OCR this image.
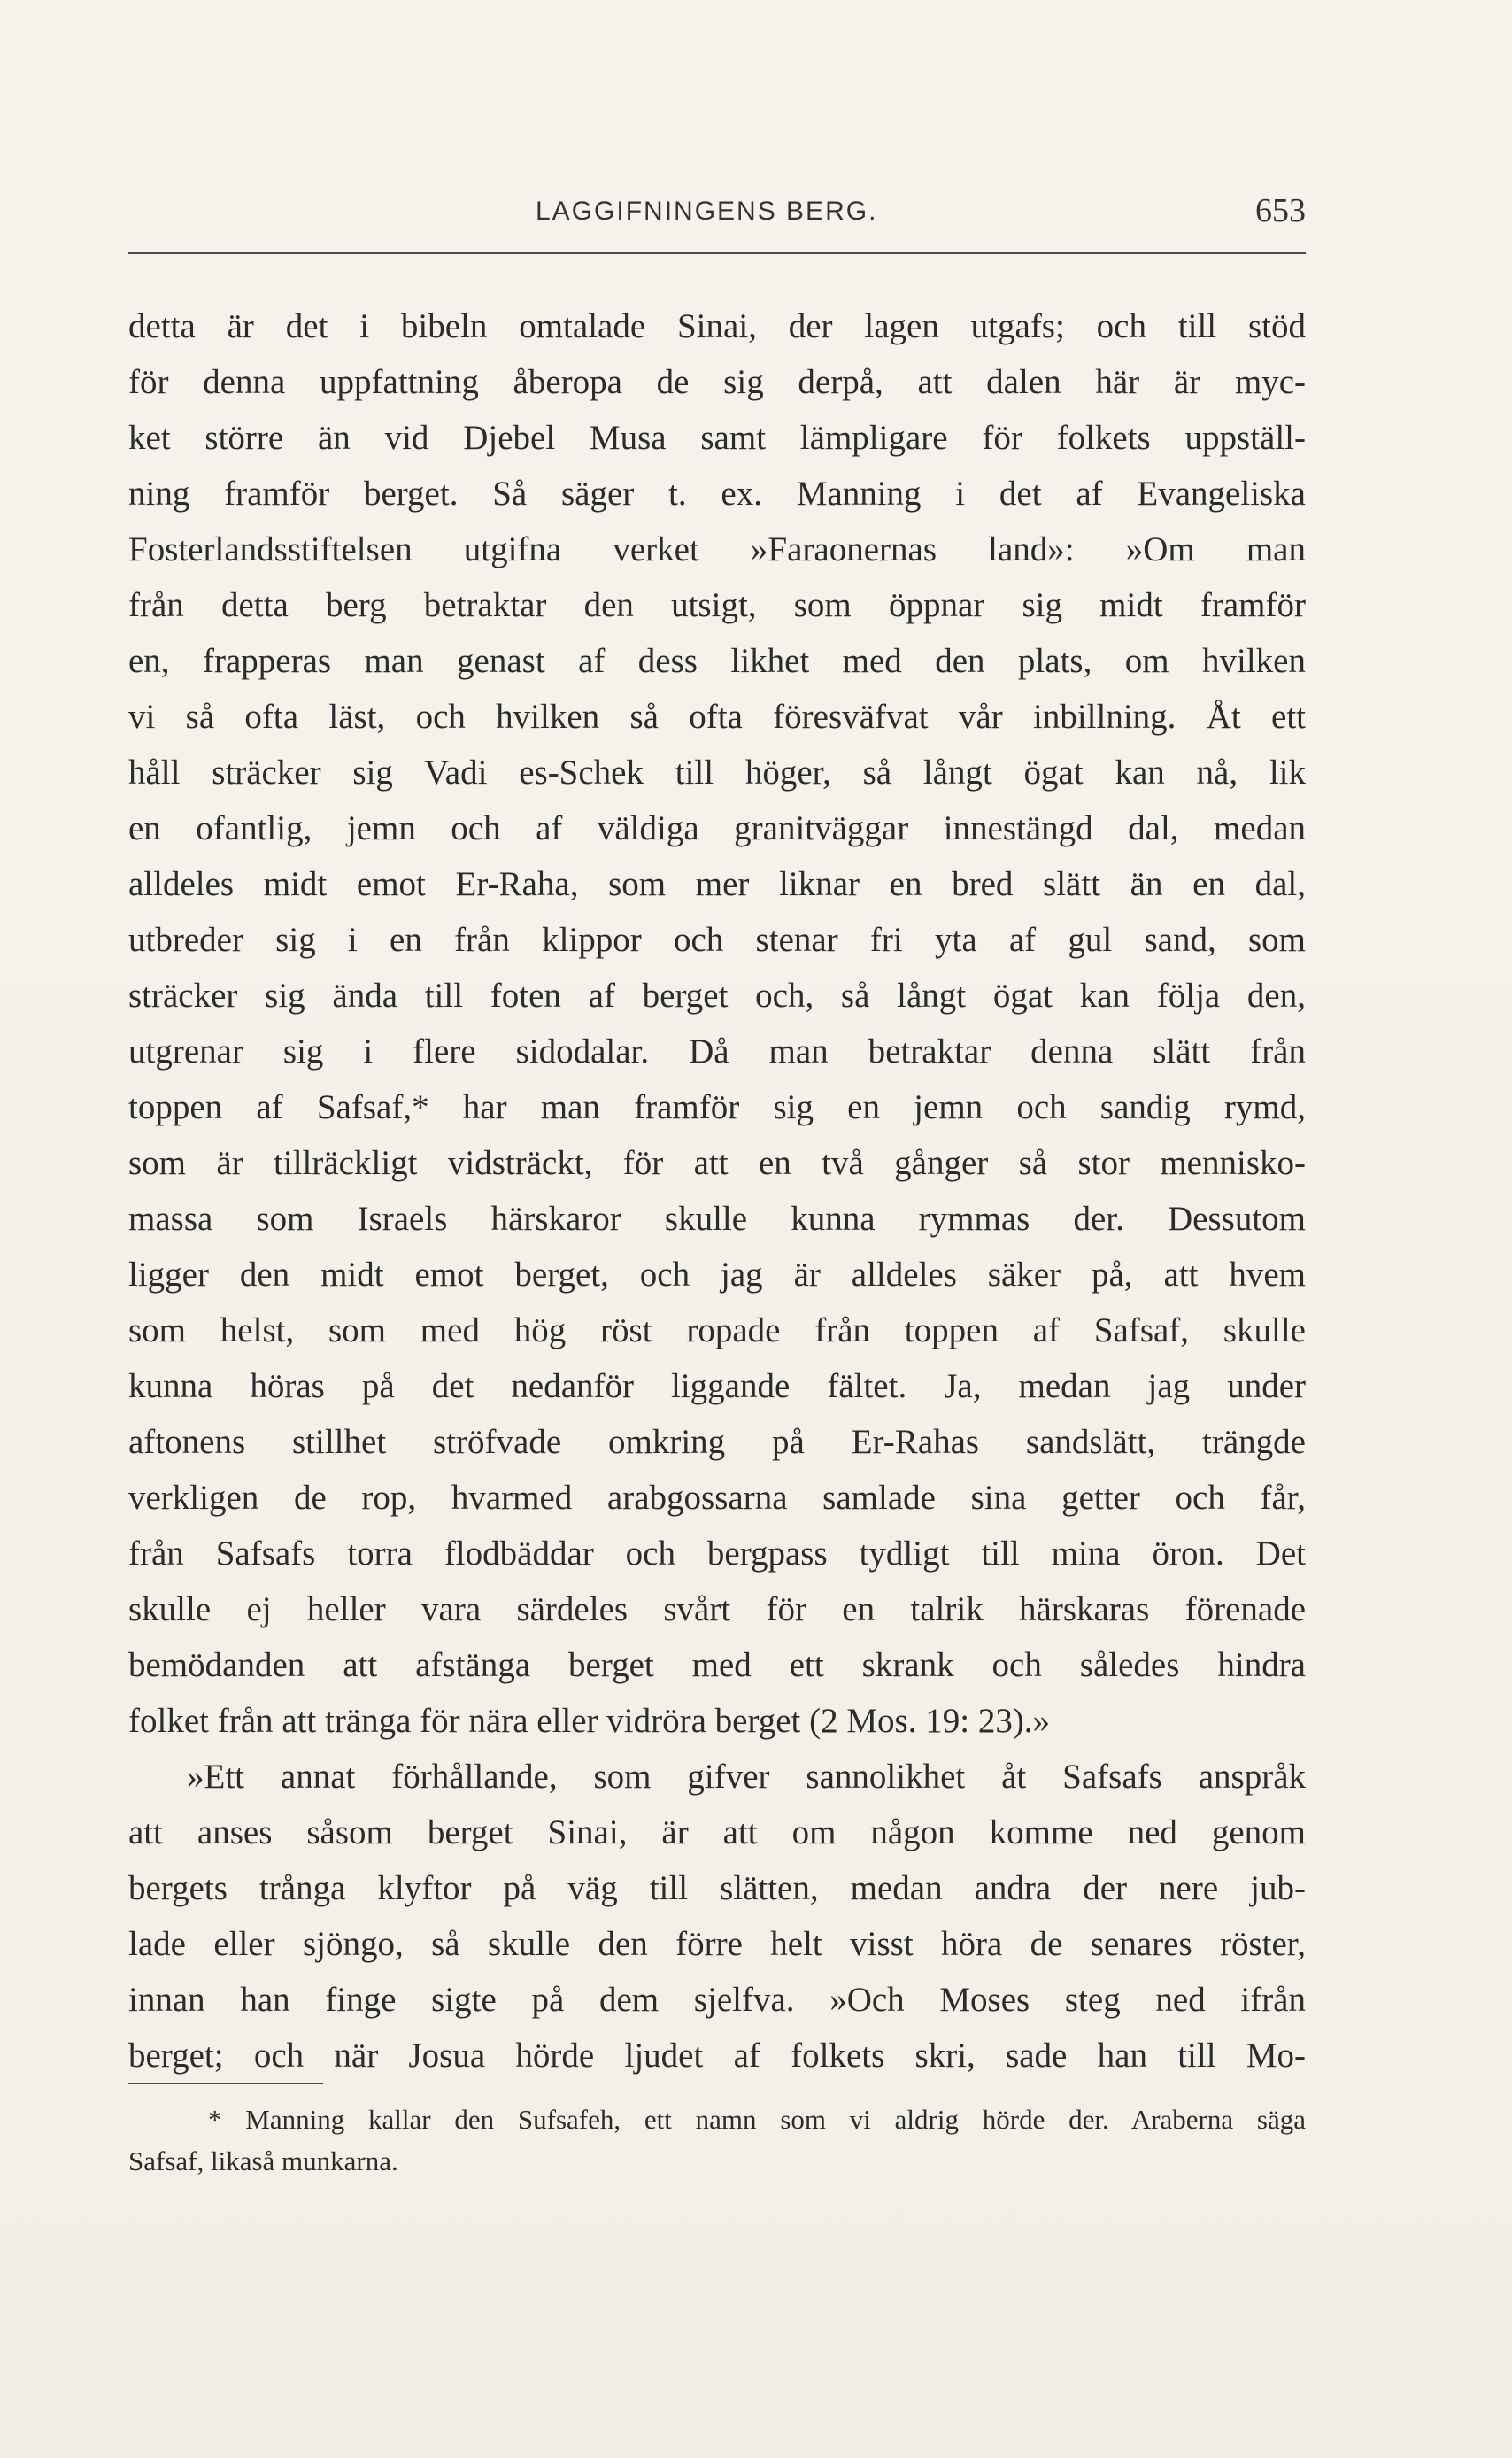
LAGGIFNINGENS BERG.	653
detta är det i bibeln omtalade Sinai, der lagen utgafs; och till stöd
för denna uppfattning åberopa de sig derpå, att dalen här är myc-
ket större än vid Djebel Musa samt lämpligare för folkets uppställ-
ning framför berget. Så säger t. ex. Manning i det af Evangeliska
Fosterlandsstiftelsen utgifna verket »Faraonernas land»: »Om man
från detta berg betraktar den utsigt, som öppnar sig midt framför
en, frapperas man genast af dess likhet med den plats, om hvilken
vi så ofta läst, och hvilken så ofta föresväfvat vår inbillning. Åt ett
håll sträcker sig Vadi es-Schek till höger, så långt ögat kan nå, lik
en ofantlig, jemn och af väldiga granitväggar innestängd dal, medan
alldeles midt emot Er-Raha, som mer liknar en bred slätt än en dal,
utbreder sig i en från klippor och stenar fri yta af gul sand, som
sträcker sig ända till foten af berget och, så långt ögat kan följa den,
utgrenar sig i flere sidodalar. Då man betraktar denna slätt från
toppen af Safsaf,* har man framför sig en jemn och sandig rymd,
som är tillräckligt vidsträckt, för att en två gånger så stor mennisko-
massa som Israels härskaror skulle kunna rymmas der. Dessutom
ligger den midt emot berget, och jag är alldeles säker på, att hvem
som helst, som med hög röst ropade från toppen af Safsaf, skulle
kunna höras på det nedanför liggande fältet. Ja, medan jag under
aftonens stillhet ströfvade omkring på Er-Rahas sandslätt, trängde
verkligen de rop, hvarmed arabgossarna samlade sina getter och får,
från Safsafs torra flodbäddar och bergpass tydligt till mina öron. Det
skulle ej heller vara särdeles svårt för en talrik härskaras förenade
bemödanden att afstänga berget med ett skrank och således hindra
folket från att tränga för nära eller vidröra berget (2 Mos. 19: 23).»
»Ett annat förhållande, som gifver sannolikhet åt Safsafs anspråk
att anses såsom berget Sinai, är att om någon komme ned genom
bergets trånga klyftor på väg till slätten, medan andra der nere jub-
lade eller sjöngo, så skulle den förre helt visst höra de senares röster,
innan han finge sigte på dem sjelfva. »Och Moses steg ned ifrån
berget; och när Josua hörde ljudet af folkets skri, sade han till Mo-
* Manning kallar den Sufsafeh, ett namn som vi aldrig hörde der. Araberna säga
Safsaf, likaså munkarna.
